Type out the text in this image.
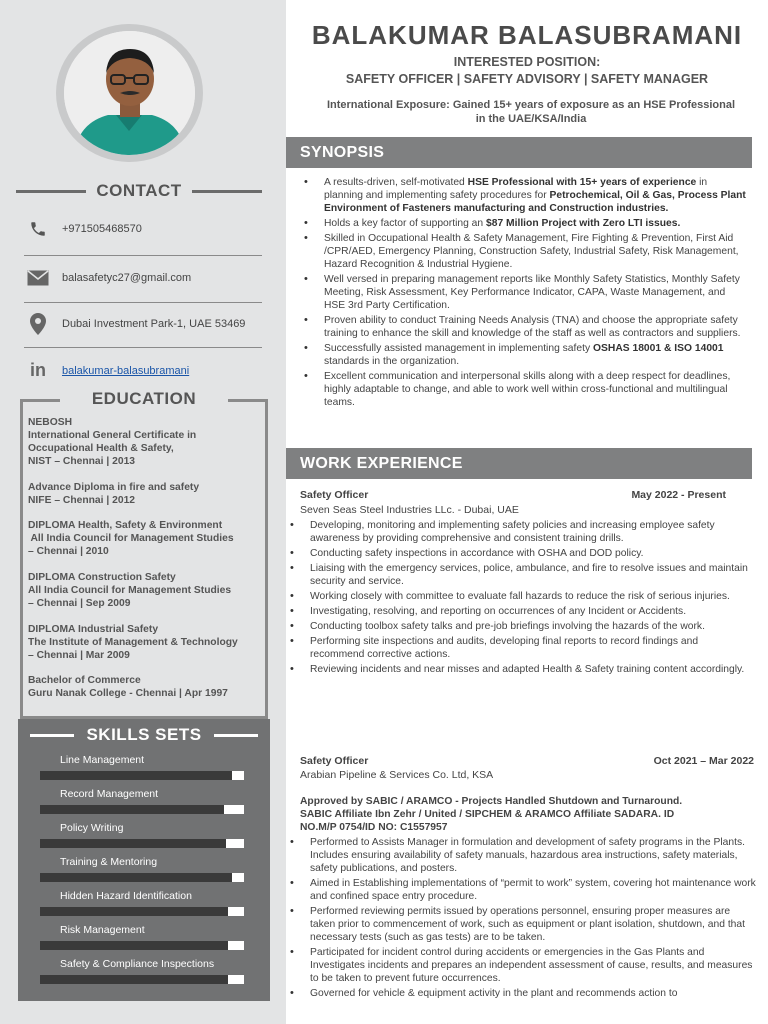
CONTACT
+971505468570
balasafetyc27@gmail.com
Dubai Investment Park-1, UAE 53469
in	balakumar-balasubramani
EDUCATION
NEBOSH
International General Certificate in
Occupational Health & Safety,
NIST – Chennai | 2013
Advance Diploma in fire and safety
NIFE – Chennai | 2012
DIPLOMA Health, Safety & Environment
All India Council for Management Studies
– Chennai | 2010
DIPLOMA Construction Safety
All India Council for Management Studies
– Chennai | Sep 2009
DIPLOMA Industrial Safety
The Institute of Management & Technology
– Chennai | Mar 2009
Bachelor of Commerce
Guru Nanak College - Chennai | Apr 1997
SKILLS SETS
Line Management
Record Management
Policy Writing
Training & Mentoring
Hidden Hazard Identification
Risk Management
Safety & Compliance Inspections
BALAKUMAR BALASUBRAMANI
INTERESTED POSITION:
SAFETY OFFICER | SAFETY ADVISORY | SAFETY MANAGER
International Exposure: Gained 15+ years of exposure as an HSE Professional
in the UAE/KSA/India
SYNOPSIS
• A results-driven, self-motivated HSE Professional with 15+ years of experience in planning and implementing safety procedures for Petrochemical, Oil & Gas, Process Plant Environment of Fasteners manufacturing and Construction industries.
• Holds a key factor of supporting an $87 Million Project with Zero LTI issues.
• Skilled in Occupational Health & Safety Management, Fire Fighting & Prevention, First Aid /CPR/AED, Emergency Planning, Construction Safety, Industrial Safety, Risk Management, Hazard Recognition & Industrial Hygiene.
• Well versed in preparing management reports like Monthly Safety Statistics, Monthly Safety Meeting, Risk Assessment, Key Performance Indicator, CAPA, Waste Management, and HSE 3rd Party Certification.
• Proven ability to conduct Training Needs Analysis (TNA) and choose the appropriate safety training to enhance the skill and knowledge of the staff as well as contractors and suppliers.
• Successfully assisted management in implementing safety OSHAS 18001 & ISO 14001 standards in the organization.
• Excellent communication and interpersonal skills along with a deep respect for deadlines, highly adaptable to change, and able to work well within cross-functional and multilingual teams.
WORK EXPERIENCE
Safety Officer	May 2022 - Present
Seven Seas Steel Industries LLc. - Dubai, UAE
• Developing, monitoring and implementing safety policies and increasing employee safety awareness by providing comprehensive and consistent training drills.
• Conducting safety inspections in accordance with OSHA and DOD policy.
• Liaising with the emergency services, police, ambulance, and fire to resolve issues and maintain security and service.
• Working closely with committee to evaluate fall hazards to reduce the risk of serious injuries.
• Investigating, resolving, and reporting on occurrences of any Incident or Accidents.
• Conducting toolbox safety talks and pre-job briefings involving the hazards of the work.
• Performing site inspections and audits, developing final reports to record findings and recommend corrective actions.
• Reviewing incidents and near misses and adapted Health & Safety training content accordingly.
Safety Officer	Oct 2021 – Mar 2022
Arabian Pipeline & Services Co. Ltd, KSA
Approved by SABIC / ARAMCO - Projects Handled Shutdown and Turnaround.
SABIC Affiliate Ibn Zehr / United / SIPCHEM & ARAMCO Affiliate SADARA. ID
NO.M/P 0754/ID NO: C1557957
• Performed to Assists Manager in formulation and development of safety programs in the Plants. Includes ensuring availability of safety manuals, hazardous area instructions, safety materials, safety publications, and posters.
• Aimed in Establishing implementations of “permit to work” system, covering hot maintenance work and confined space entry procedure.
• Performed reviewing permits issued by operations personnel, ensuring proper measures are taken prior to commencement of work, such as equipment or plant isolation, shutdown, and that necessary tests (such as gas tests) are to be taken.
• Participated for incident control during accidents or emergencies in the Gas Plants and Investigates incidents and prepares an independent assessment of cause, results, and measures to be taken to prevent future occurrences.
• Governed for vehicle & equipment activity in the plant and recommends action to
